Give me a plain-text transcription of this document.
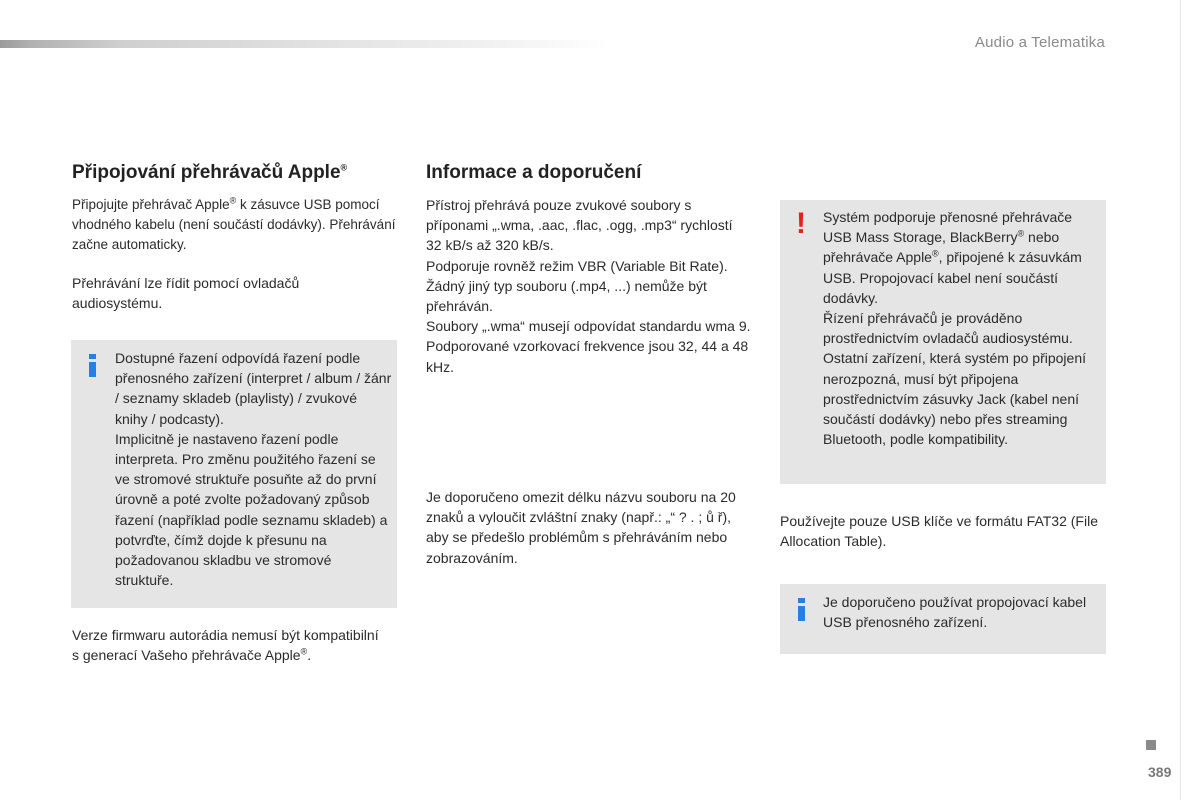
Audio a Telematika
Připojování přehrávačů Apple®

Připojujte přehrávač Apple® k zásuvce USB pomocí vhodného kabelu (není součástí dodávky). Přehrávání začne automaticky.

Přehrávání lze řídit pomocí ovladačů audiosystému.

Dostupné řazení odpovídá řazení podle přenosného zařízení (interpret / album / žánr / seznamy skladeb (playlisty) / zvukové knihy / podcasty).

Implicitně je nastaveno řazení podle interpreta. Pro změnu použitého řazení se ve stromové struktuře posuňte až do první úrovně a poté zvolte požadovaný způsob řazení (například podle seznamu skladeb) a potvrďte, čímž dojde k přesunu na požadovanou skladbu ve stromové struktuře.

Verze firmwaru autorádia nemusí být kompatibilní s generací Vašeho přehrávače Apple®.

Informace a doporučení

Přístroj přehrává pouze zvukové soubory s příponami „.wma, .aac, .flac, .ogg, .mp3“ rychlostí 32 kB/s až 320 kB/s.

Podporuje rovněž režim VBR (Variable Bit Rate).

Žádný jiný typ souboru (.mp4, ...) nemůže být přehráván.

Soubory „.wma“ musejí odpovídat standardu wma 9.

Podporované vzorkovací frekvence jsou 32, 44 a 48 kHz.

Je doporučeno omezit délku názvu souboru na 20 znaků a vyloučit zvláštní znaky (např.: „“ ? . ; ů ř), aby se předešlo problémům s přehráváním nebo zobrazováním.

! Systém podporuje přenosné přehrávače USB Mass Storage, BlackBerry® nebo přehrávače Apple®, připojené k zásuvkám USB. Propojovací kabel není součástí dodávky.

Řízení přehrávačů je prováděno prostřednictvím ovladačů audiosystému.

Ostatní zařízení, která systém po připojení nerozpozná, musí být připojena prostřednictvím zásuvky Jack (kabel není součástí dodávky) nebo přes streaming Bluetooth, podle kompatibility.

Používejte pouze USB klíče ve formátu FAT32 (File Allocation Table).

Je doporučeno používat propojovací kabel USB přenosného zařízení.

389
